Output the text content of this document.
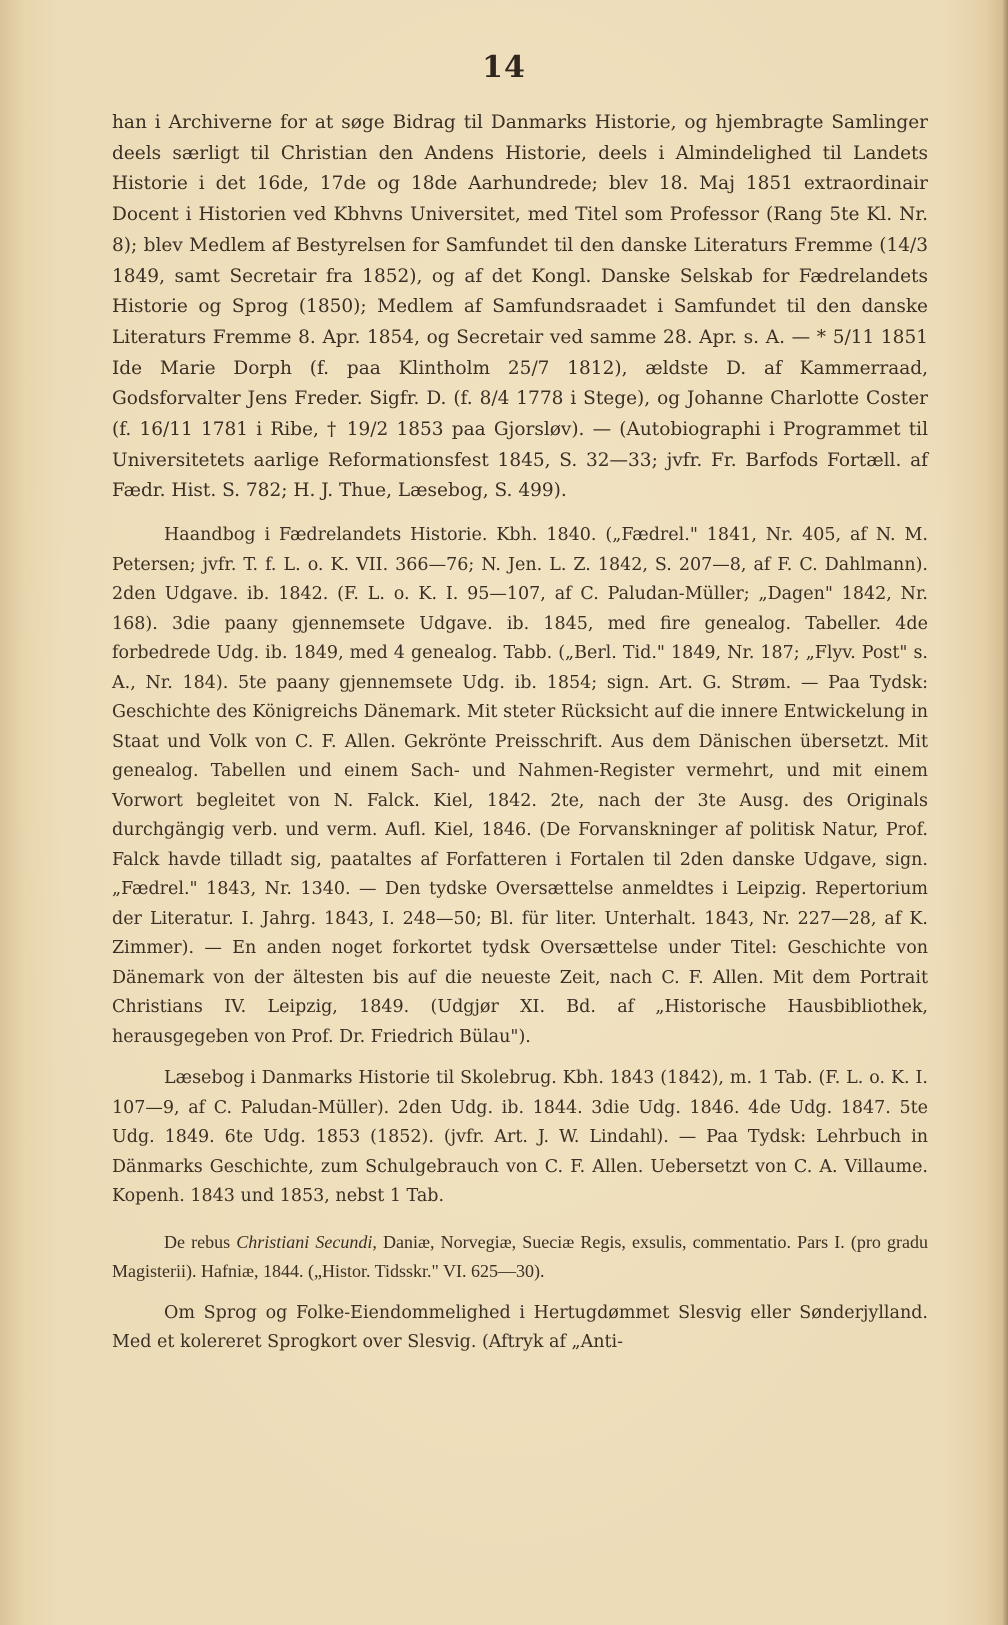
14

han i Archiverne for at søge Bidrag til Danmarks Historie, og hjembragte Samlinger deels særligt til Christian den Andens Historie, deels i Almindelighed til Landets Historie i det 16de, 17de og 18de Aarhundrede; blev 18. Maj 1851 extraordinair Docent i Historien ved Kbhvns Universitet, med Titel som Professor (Rang 5te Kl. Nr. 8); blev Medlem af Bestyrelsen for Samfundet til den danske Literaturs Fremme (14/3 1849, samt Secretair fra 1852), og af det Kongl. Danske Selskab for Fædrelandets Historie og Sprog (1850); Medlem af Samfundsraadet i Samfundet til den danske Literaturs Fremme 8. Apr. 1854, og Secretair ved samme 28. Apr. s. A. — * 5/11 1851 Ide Marie Dorph (f. paa Klintholm 25/7 1812), ældste D. af Kammerraad, Godsforvalter Jens Freder. Sigfr. D. (f. 8/4 1778 i Stege), og Johanne Charlotte Coster (f. 16/11 1781 i Ribe, † 19/2 1853 paa Gjorsløv). — (Autobiographi i Programmet til Universitetets aarlige Reformationsfest 1845, S. 32—33; jvfr. Fr. Barfods Fortæll. af Fædr. Hist. S. 782; H. J. Thue, Læsebog, S. 499).

Haandbog i Fædrelandets Historie. Kbh. 1840. („Fædrel." 1841, Nr. 405, af N. M. Petersen; jvfr. T. f. L. o. K. VII. 366—76; N. Jen. L. Z. 1842, S. 207—8, af F. C. Dahlmann). 2den Udgave. ib. 1842. (F. L. o. K. I. 95—107, af C. Paludan-Müller; „Dagen" 1842, Nr. 168). 3die paany gjennemsete Udgave. ib. 1845, med fire genealog. Tabeller. 4de forbedrede Udg. ib. 1849, med 4 genealog. Tabb. („Berl. Tid." 1849, Nr. 187; „Flyv. Post" s. A., Nr. 184). 5te paany gjennemsete Udg. ib. 1854; sign. Art. G. Strøm. — Paa Tydsk: Geschichte des Königreichs Dänemark. Mit steter Rücksicht auf die innere Entwickelung in Staat und Volk von C. F. Allen. Gekrönte Preisschrift. Aus dem Dänischen übersetzt. Mit genealog. Tabellen und einem Sach- und Nahmen-Register vermehrt, und mit einem Vorwort begleitet von N. Falck. Kiel, 1842. 2te, nach der 3te Ausg. des Originals durchgängig verb. und verm. Aufl. Kiel, 1846. (De Forvanskninger af politisk Natur, Prof. Falck havde tilladt sig, paataltes af Forfatteren i Fortalen til 2den danske Udgave, sign. „Fædrel." 1843, Nr. 1340. — Den tydske Oversættelse anmeldtes i Leipzig. Repertorium der Literatur. I. Jahrg. 1843, I. 248—50; Bl. für liter. Unterhalt. 1843, Nr. 227—28, af K. Zimmer). — En anden noget forkortet tydsk Oversættelse under Titel: Geschichte von Dänemark von der ältesten bis auf die neueste Zeit, nach C. F. Allen. Mit dem Portrait Christians IV. Leipzig, 1849. (Udgjør XI. Bd. af „Historische Hausbibliothek, herausgegeben von Prof. Dr. Friedrich Bülau").

Læsebog i Danmarks Historie til Skolebrug. Kbh. 1843 (1842), m. 1 Tab. (F. L. o. K. I. 107—9, af C. Paludan-Müller). 2den Udg. ib. 1844. 3die Udg. 1846. 4de Udg. 1847. 5te Udg. 1849. 6te Udg. 1853 (1852). (jvfr. Art. J. W. Lindahl). — Paa Tydsk: Lehrbuch in Dänmarks Geschichte, zum Schulgebrauch von C. F. Allen. Uebersetzt von C. A. Villaume. Kopenh. 1843 und 1853, nebst 1 Tab.

De rebus Christiani Secundi, Daniæ, Norvegiæ, Sueciæ Regis, exsulis, commentatio. Pars I. (pro gradu Magisterii). Hafniæ, 1844. („Histor. Tidsskr." VI. 625—30).

Om Sprog og Folke-Eiendommelighed i Hertugdømmet Slesvig eller Sønderjylland. Med et kolereret Sprogkort over Slesvig. (Aftryk af „Anti-
